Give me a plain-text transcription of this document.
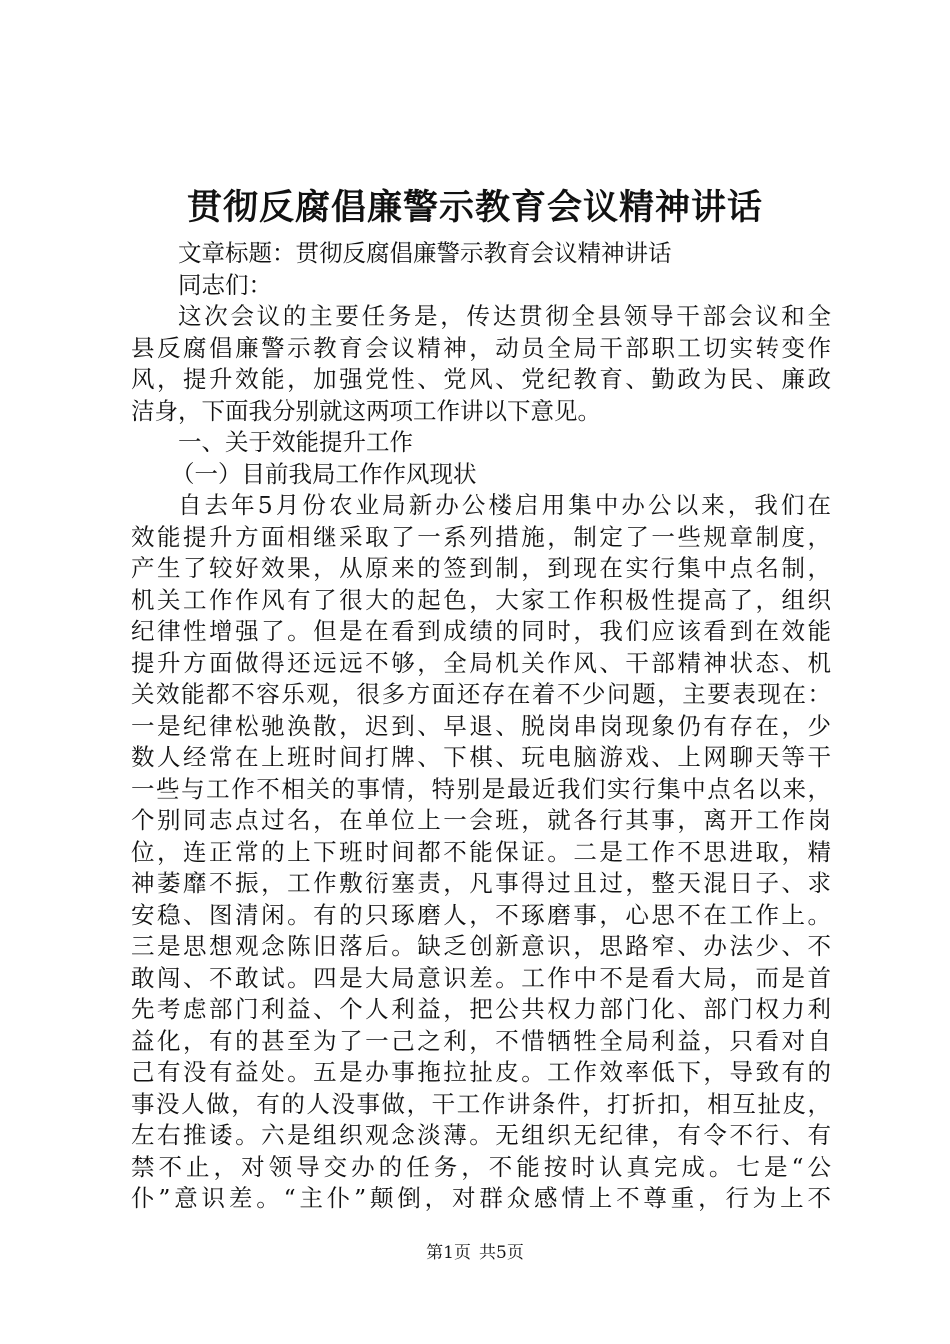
贯彻反腐倡廉警示教育会议精神讲话
文章标题：贯彻反腐倡廉警示教育会议精神讲话
同志们：
这次会议的主要任务是，传达贯彻全县领导干部会议和全
县反腐倡廉警示教育会议精神，动员全局干部职工切实转变作
风，提升效能，加强党性、党风、党纪教育、勤政为民、廉政
洁身，下面我分别就这两项工作讲以下意见。
一、关于效能提升工作
（一）目前我局工作作风现状
自去年5月份农业局新办公楼启用集中办公以来，我们在
效能提升方面相继采取了一系列措施，制定了一些规章制度，
产生了较好效果，从原来的签到制，到现在实行集中点名制，
机关工作作风有了很大的起色，大家工作积极性提高了，组织
纪律性增强了。但是在看到成绩的同时，我们应该看到在效能
提升方面做得还远远不够，全局机关作风、干部精神状态、机
关效能都不容乐观，很多方面还存在着不少问题，主要表现在：
一是纪律松驰涣散，迟到、早退、脱岗串岗现象仍有存在，少
数人经常在上班时间打牌、下棋、玩电脑游戏、上网聊天等干
一些与工作不相关的事情，特别是最近我们实行集中点名以来，
个别同志点过名，在单位上一会班，就各行其事，离开工作岗
位，连正常的上下班时间都不能保证。二是工作不思进取，精
神萎靡不振，工作敷衍塞责，凡事得过且过，整天混日子、求
安稳、图清闲。有的只琢磨人，不琢磨事，心思不在工作上。
三是思想观念陈旧落后。缺乏创新意识，思路窄、办法少、不
敢闯、不敢试。四是大局意识差。工作中不是看大局，而是首
先考虑部门利益、个人利益，把公共权力部门化、部门权力利
益化，有的甚至为了一己之利，不惜牺牲全局利益，只看对自
己有没有益处。五是办事拖拉扯皮。工作效率低下，导致有的
事没人做，有的人没事做，干工作讲条件，打折扣，相互扯皮，
左右推诿。六是组织观念淡薄。无组织无纪律，有令不行、有
禁不止，对领导交办的任务，不能按时认真完成。七是“公
仆”意识差。“主仆”颠倒，对群众感情上不尊重，行为上不
第1页 共5页
